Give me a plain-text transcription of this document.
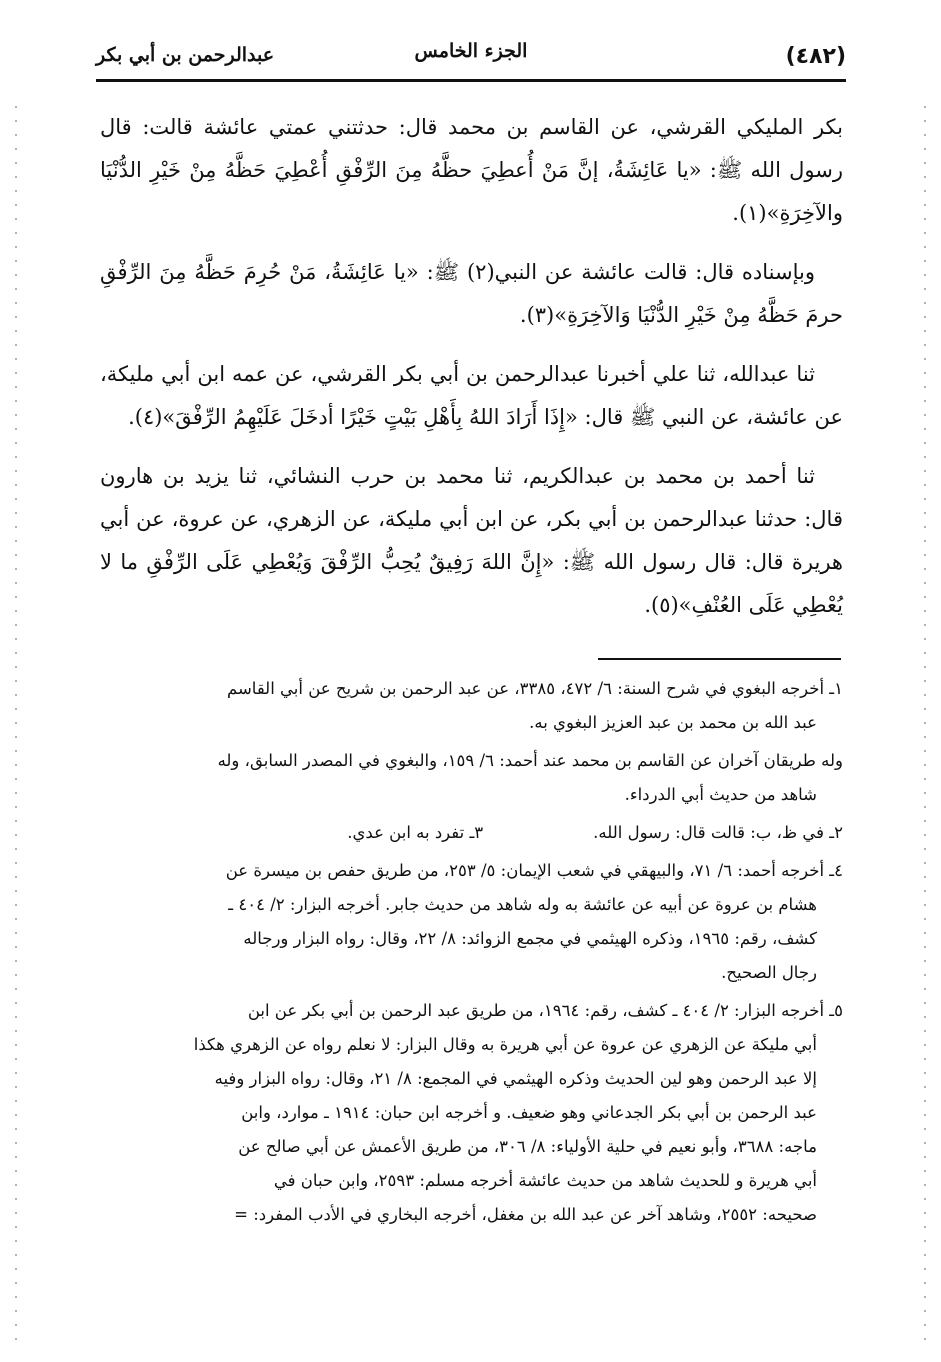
(٤٨٢)
الجزء الخامس
عبدالرحمن بن أبي بكر

بكر المليكي القرشي، عن القاسم بن محمد قال: حدثتني عمتي عائشة قالت: قال رسول الله ﷺ: «يا عَائِشَةُ، إنَّ مَنْ أُعطِيَ حظَّهُ مِنَ الرِّفْقِ أُعْطِيَ حَظَّهُ مِنْ خَيْرِ الدُّنْيَا والآخِرَةِ»(١).

وبإسناده قال: قالت عائشة عن النبي(٢) ﷺ: «يا عَائِشَةُ، مَنْ حُرِمَ حَظَّهُ مِنَ الرِّفْقِ حرمَ حَظَّهُ مِنْ خَيْرِ الدُّنْيَا وَالآخِرَةِ»(٣).

ثنا عبدالله، ثنا علي أخبرنا عبدالرحمن بن أبي بكر القرشي، عن عمه ابن أبي مليكة، عن عائشة، عن النبي ﷺ قال: «إِذَا أَرَادَ اللهُ بِأَهْلِ بَيْتٍ خَيْرًا أدخَلَ عَلَيْهِمُ الرِّفْقَ»(٤).

ثنا أحمد بن محمد بن عبدالكريم، ثنا محمد بن حرب النشائي، ثنا يزيد بن هارون قال: حدثنا عبدالرحمن بن أبي بكر، عن ابن أبي مليكة، عن الزهري، عن عروة، عن أبي هريرة قال: قال رسول الله ﷺ: «إِنَّ اللهَ رَفِيقٌ يُحِبُّ الرِّفْقَ وَيُعْطِي عَلَى الرِّفْقِ ما لا يُعْطِي عَلَى العُنْفِ»(٥).

١ـ أخرجه البغوي في شرح السنة: ٦/ ٤٧٢، ٣٣٨٥، عن عبد الرحمن بن شريح عن أبي القاسم

عبد الله بن محمد بن عبد العزيز البغوي به.

وله طريقان آخران عن القاسم بن محمد عند أحمد: ٦/ ١٥٩، والبغوي في المصدر السابق، وله

شاهد من حديث أبي الدرداء.

٢ـ في ظ، ب: قالت قال: رسول الله.
٣ـ تفرد به ابن عدي.

٤ـ أخرجه أحمد: ٦/ ٧١، والبيهقي في شعب الإيمان: ٥/ ٢٥٣، من طريق حفص بن ميسرة عن

هشام بن عروة عن أبيه عن عائشة به وله شاهد من حديث جابر. أخرجه البزار: ٢/ ٤٠٤ ـ

كشف، رقم: ١٩٦٥، وذكره الهيثمي في مجمع الزوائد: ٨/ ٢٢، وقال: رواه البزار ورجاله

رجال الصحيح.

٥ـ أخرجه البزار: ٢/ ٤٠٤ ـ كشف، رقم: ١٩٦٤، من طريق عبد الرحمن بن أبي بكر عن ابن

أبي مليكة عن الزهري عن عروة عن أبي هريرة به وقال البزار: لا نعلم رواه عن الزهري هكذا

إلا عبد الرحمن وهو لين الحديث وذكره الهيثمي في المجمع: ٨/ ٢١، وقال: رواه البزار وفيه

عبد الرحمن بن أبي بكر الجدعاني وهو ضعيف. و أخرجه ابن حبان: ١٩١٤ ـ موارد، وابن

ماجه: ٣٦٨٨، وأبو نعيم في حلية الأولياء: ٨/ ٣٠٦، من طريق الأعمش عن أبي صالح عن

أبي هريرة و للحديث شاهد من حديث عائشة أخرجه مسلم: ٢٥٩٣، وابن حبان في

صحيحه: ٢٥٥٢، وشاهد آخر عن عبد الله بن مغفل، أخرجه البخاري في الأدب المفرد: =
